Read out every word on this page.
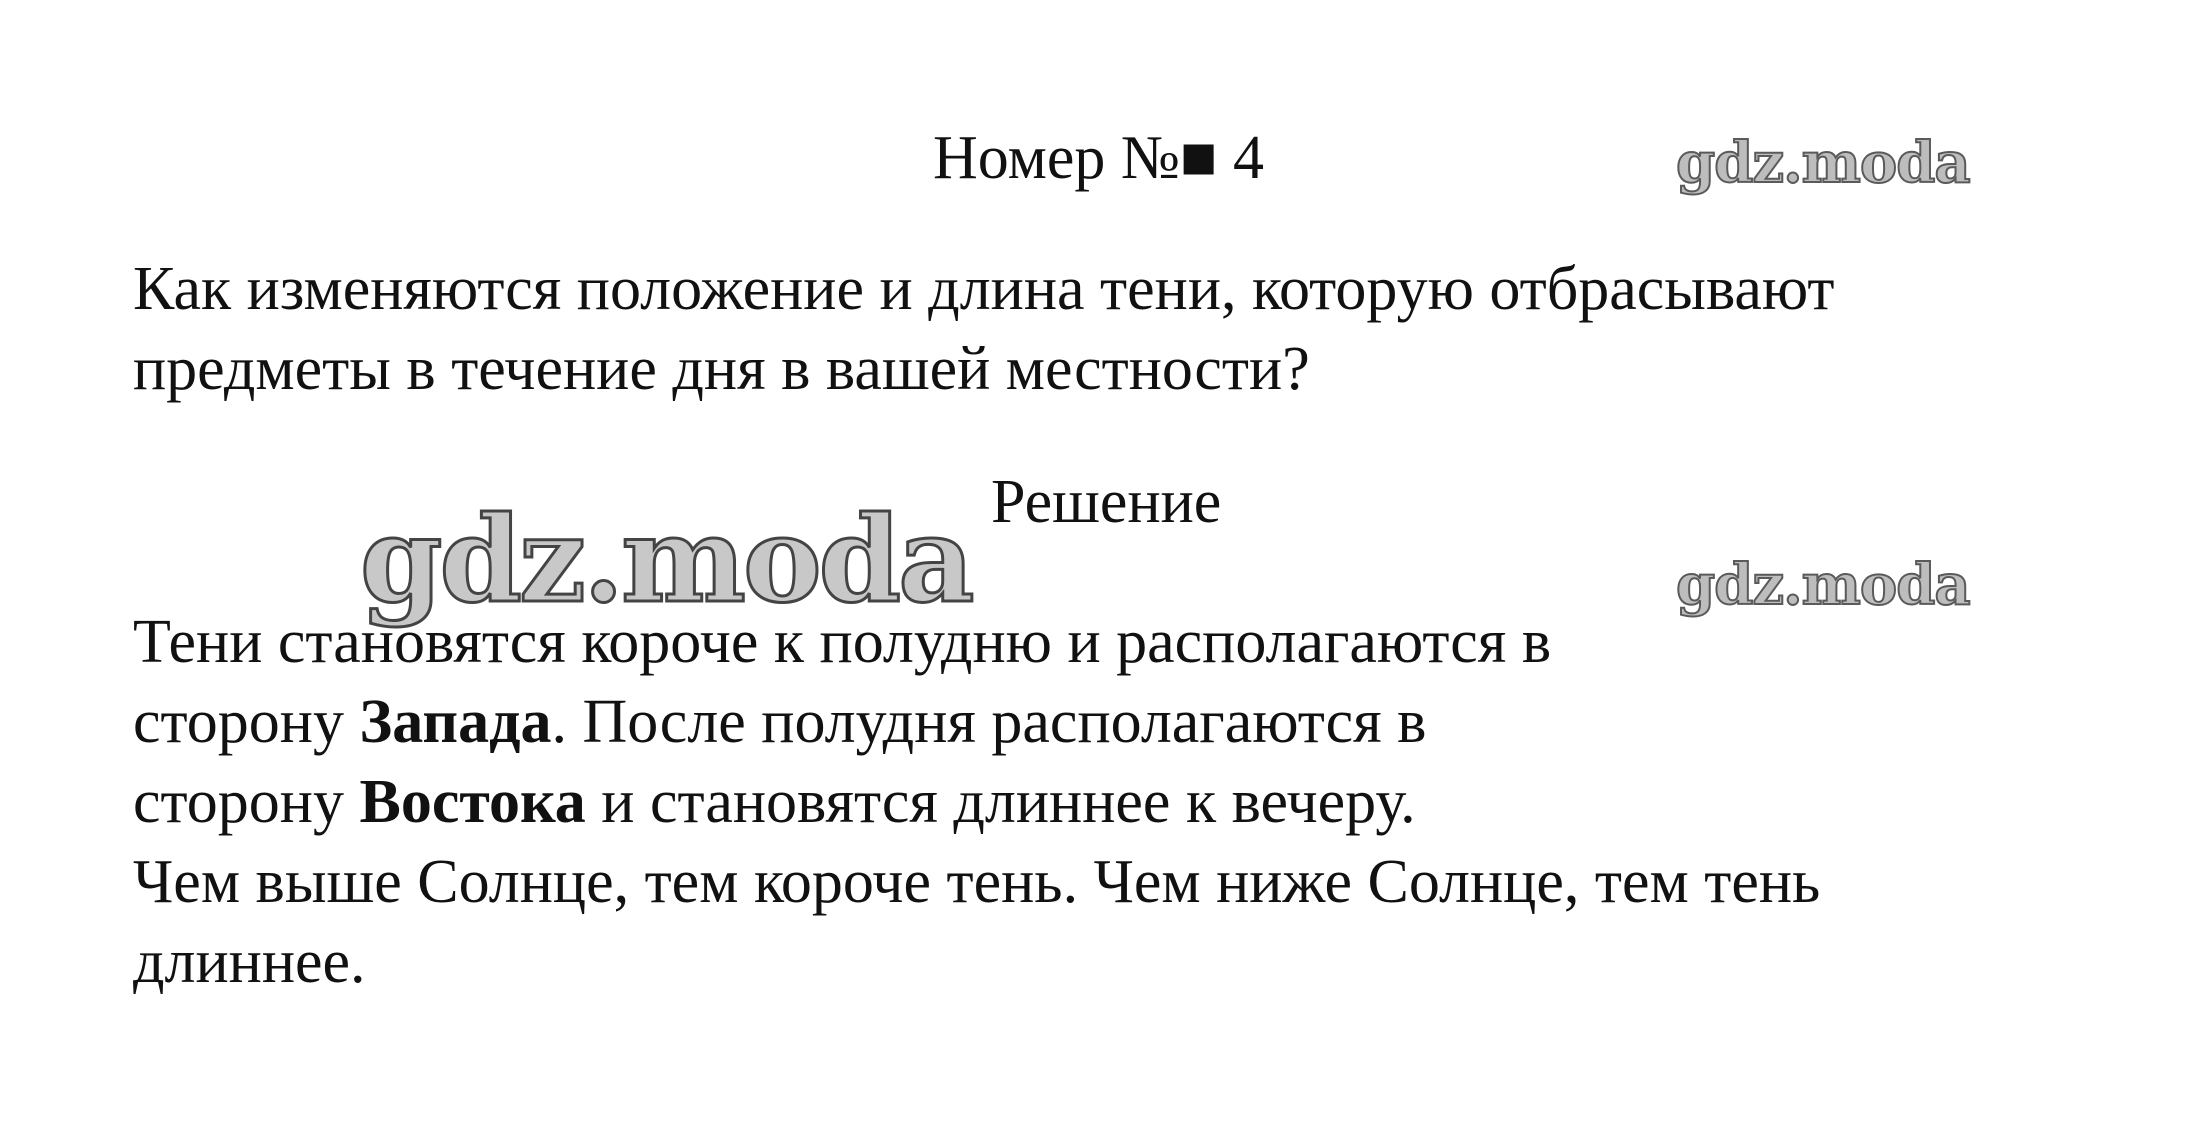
Номер №■ 4	gdz.moda
Как изменяются положение и длина тени, которую отбрасывают
предметы в течение дня в вашей местности?
gdz.moda Решение
gdz.moda

Тени становятся короче к полудню и располагаются в

сторону Запада. После полудня располагаются в

сторону Востока и становятся длиннее к вечеру.

Чем выше Солнце, тем короче тень. Чем ниже Солнце, тем тень

длиннее.
